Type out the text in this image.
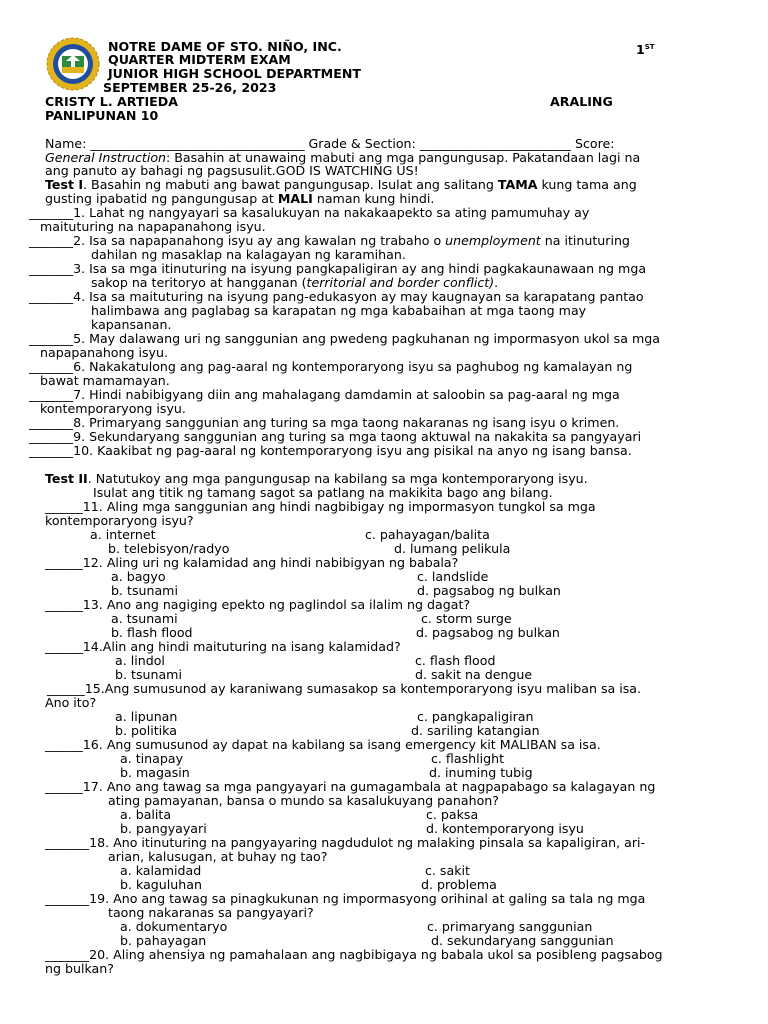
NOTRE DAME OF STO. NIÑO, INC.	1ST
QUARTER MIDTERM EXAM
JUNIOR HIGH SCHOOL DEPARTMENT
SEPTEMBER 25-26, 2023
CRISTY L. ARTIEDA	ARALING
PANLIPUNAN 10
Name: __________________________________ Grade & Section: ________________________ Score:
General Instruction: Basahin at unawaing mabuti ang mga pangungusap. Pakatandaan lagi na
ang panuto ay bahagi ng pagsusulit.GOD IS WATCHING US!
Test I. Basahin ng mabuti ang bawat pangungusap. Isulat ang salitang TAMA kung tama ang
gusting ipabatid ng pangungusap at MALI naman kung hindi.
_______1. Lahat ng nangyayari sa kasalukuyan na nakakaapekto sa ating pamumuhay ay
maituturing na napapanahong isyu.
_______2. Isa sa napapanahong isyu ay ang kawalan ng trabaho o unemployment na itinuturing
dahilan ng masaklap na kalagayan ng karamihan.
_______3. Isa sa mga itinuturing na isyung pangkapaligiran ay ang hindi pagkakaunawaan ng mga
sakop na teritoryo at hangganan (territorial and border conflict).
_______4. Isa sa maituturing na isyung pang-edukasyon ay may kaugnayan sa karapatang pantao
halimbawa ang paglabag sa karapatan ng mga kababaihan at mga taong may
kapansanan.
_______5. May dalawang uri ng sanggunian ang pwedeng pagkuhanan ng impormasyon ukol sa mga
napapanahong isyu.
_______6. Nakakatulong ang pag-aaral ng kontemporaryong isyu sa paghubog ng kamalayan ng
bawat mamamayan.
_______7. Hindi nabibigyang diin ang mahalagang damdamin at saloobin sa pag-aaral ng mga
kontemporaryong isyu.
_______8. Primaryang sanggunian ang turing sa mga taong nakaranas ng isang isyu o krimen.
_______9. Sekundaryang sanggunian ang turing sa mga taong aktuwal na nakakita sa pangyayari
_______10. Kaakibat ng pag-aaral ng kontemporaryong isyu ang pisikal na anyo ng isang bansa.
Test II. Natutukoy ang mga pangungusap na kabilang sa mga kontemporaryong isyu.
Isulat ang titik ng tamang sagot sa patlang na makikita bago ang bilang.
______11. Aling mga sanggunian ang hindi nagbibigay ng impormasyon tungkol sa mga
kontemporaryong isyu?
a. internet	c. pahayagan/balita
b. telebisyon/radyo	d. lumang pelikula
______12. Aling uri ng kalamidad ang hindi nabibigyan ng babala?
a. bagyo	c. landslide
b. tsunami	d. pagsabog ng bulkan
______13. Ano ang nagiging epekto ng paglindol sa ilalim ng dagat?
a. tsunami	c. storm surge
b. flash flood	d. pagsabog ng bulkan
______14.Alin ang hindi maituturing na isang kalamidad?
a. lindol	c. flash flood
b. tsunami	d. sakit na dengue
______15.Ang sumusunod ay karaniwang sumasakop sa kontemporaryong isyu maliban sa isa.
Ano ito?
a. lipunan	c. pangkapaligiran
b. politika	d. sariling katangian
______16. Ang sumusunod ay dapat na kabilang sa isang emergency kit MALIBAN sa isa.
a. tinapay	c. flashlight
b. magasin	d. inuming tubig
______17. Ano ang tawag sa mga pangyayari na gumagambala at nagpapabago sa kalagayan ng
ating pamayanan, bansa o mundo sa kasalukuyang panahon?
a. balita	c. paksa
b. pangyayari	d. kontemporaryong isyu
_______18. Ano itinuturing na pangyayaring nagdudulot ng malaking pinsala sa kapaligiran, ari-
arian, kalusugan, at buhay ng tao?
a. kalamidad	c. sakit
b. kaguluhan	d. problema
_______19. Ano ang tawag sa pinagkukunan ng impormasyong orihinal at galing sa tala ng mga
taong nakaranas sa pangyayari?
a. dokumentaryo	c. primaryang sanggunian
b. pahayagan	d. sekundaryang sanggunian
_______20. Aling ahensiya ng pamahalaan ang nagbibigaya ng babala ukol sa posibleng pagsabog
ng bulkan?
